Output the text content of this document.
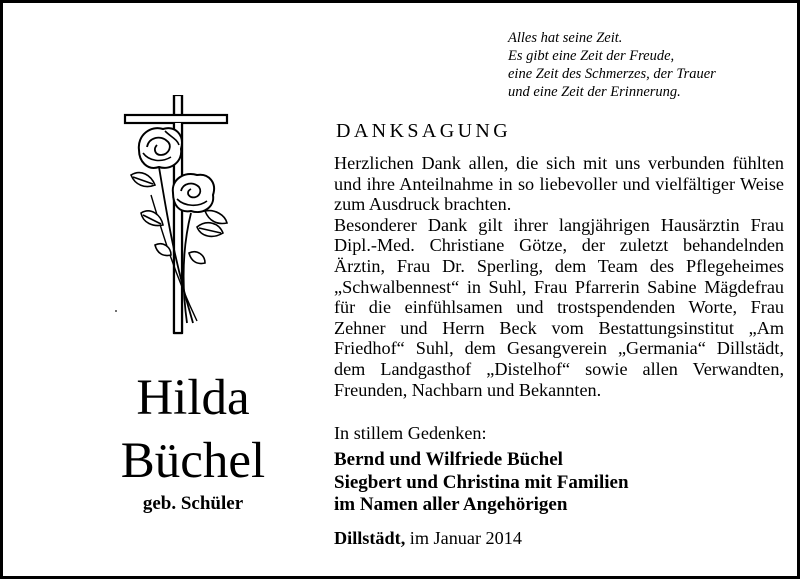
Alles hat seine Zeit.
Es gibt eine Zeit der Freude,
eine Zeit des Schmerzes, der Trauer
und eine Zeit der Erinnerung.
Hilda
Büchel
geb. Schüler
DANKSAGUNG
Herzlichen Dank allen, die sich mit uns verbunden fühlten und ihre Anteilnahme in so liebevoller und vielfältiger Weise zum Ausdruck brachten.
Besonderer Dank gilt ihrer langjährigen Hausärztin Frau Dipl.-Med. Christiane Götze, der zuletzt behandelnden Ärztin, Frau Dr. Sperling, dem Team des Pflegeheimes „Schwalbennest“ in Suhl, Frau Pfarrerin Sabine Mägdefrau für die einfühlsamen und trostspendenden Worte, Frau Zehner und Herrn Beck vom Bestattungsinstitut „Am Friedhof“ Suhl, dem Gesangverein „Germania“ Dillstädt, dem Landgasthof „Distelhof“ sowie allen Verwandten, Freunden, Nachbarn und Bekannten.
In stillem Gedenken:
Bernd und Wilfriede Büchel
Siegbert und Christina mit Familien
im Namen aller Angehörigen
Dillstädt, im Januar 2014
